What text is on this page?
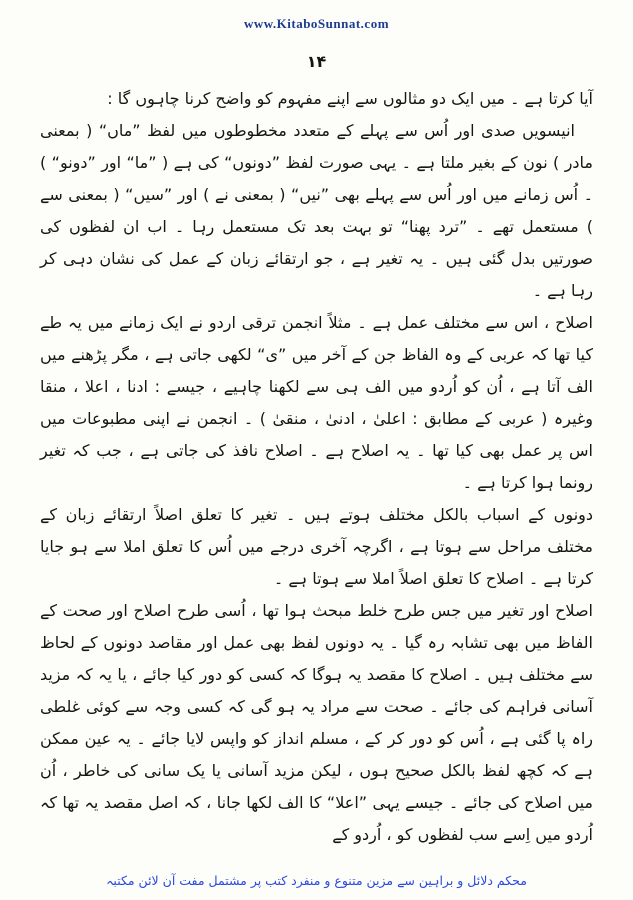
www.KitaboSunnat.com
۱۴

آیا کرتا ہے ۔ میں ایک دو مثالوں سے اپنے مفہوم کو واضح کرنا چاہوں گا :

انیسویں صدی اور اُس سے پہلے کے متعدد مخطوطوں میں لفظ ”ماں“ ( بمعنی مادر ) نون کے بغیر ملتا ہے ۔ یہی صورت لفظ ”دونوں“ کی ہے ( ”ما“ اور ”دونو“ ) ۔ اُس زمانے میں اور اُس سے پہلے بھی ”نیں“ ( بمعنی نے ) اور ”سیں“ ( بمعنی سے ) مستعمل تھے ۔ ”ترد پھنا“ تو بہت بعد تک مستعمل رہا ۔ اب ان لفظوں کی صورتیں بدل گئی ہیں ۔ یہ تغیر ہے ، جو ارتقائے زبان کے عمل کی نشان دہی کر رہا ہے ۔

اصلاح ، اس سے مختلف عمل ہے ۔ مثلاً انجمن ترقی اردو نے ایک زمانے میں یہ طے کیا تھا کہ عربی کے وہ الفاظ جن کے آخر میں ”ی“ لکھی جاتی ہے ، مگر پڑھنے میں الف آتا ہے ، اُن کو اُردو میں الف ہی سے لکھنا چاہیے ، جیسے : ادنا ، اعلا ، منقا وغیرہ ( عربی کے مطابق : اعلیٰ ، ادنیٰ ، منقیٰ ) ۔ انجمن نے اپنی مطبوعات میں اس پر عمل بھی کیا تھا ۔ یہ اصلاح ہے ۔ اصلاح نافذ کی جاتی ہے ، جب کہ تغیر رونما ہوا کرتا ہے ۔

دونوں کے اسباب بالکل مختلف ہوتے ہیں ۔ تغیر کا تعلق اصلاً ارتقائے زبان کے مختلف مراحل سے ہوتا ہے ، اگرچہ آخری درجے میں اُس کا تعلق املا سے ہو جایا کرتا ہے ۔ اصلاح کا تعلق اصلاً املا سے ہوتا ہے ۔

اصلاح اور تغیر میں جس طرح خلط مبحث ہوا تھا ، اُسی طرح اصلاح اور صحت کے الفاظ میں بھی تشابہ رہ گیا ۔ یہ دونوں لفظ بھی عمل اور مقاصد دونوں کے لحاظ سے مختلف ہیں ۔ اصلاح کا مقصد یہ ہوگا کہ کسی کو دور کیا جائے ، یا یہ کہ مزید آسانی فراہم کی جائے ۔ صحت سے مراد یہ ہو گی کہ کسی وجہ سے کوئی غلطی راہ پا گئی ہے ، اُس کو دور کر کے ، مسلم انداز کو واپس لایا جائے ۔ یہ عین ممکن ہے کہ کچھ لفظ بالکل صحیح ہوں ، لیکن مزید آسانی یا یک سانی کی خاطر ، اُن میں اصلاح کی جائے ۔ جیسے یہی ”اعلا“ کا الف لکھا جانا ، کہ اصل مقصد یہ تھا کہ اُردو میں اِسے سب لفظوں کو ، اُردو کے

محکم دلائل و براہین سے مزین متنوع و منفرد کتب پر مشتمل مفت آن لائن مکتبہ
